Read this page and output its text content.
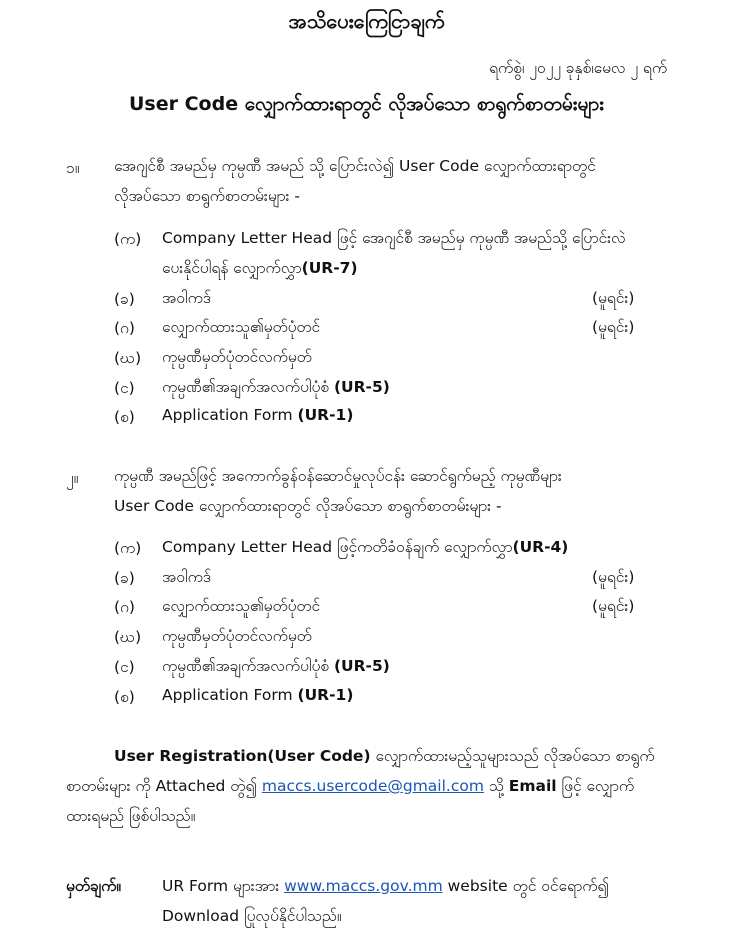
အသိပေးကြေငြာချက်
ရက်စွဲ၊ ၂၀၂၂ ခုနှစ်၊မေလ ၂ ရက်
User Code လျှောက်ထားရာတွင် လိုအပ်သော စာရွက်စာတမ်းများ
၁။ အေဂျင်စီ အမည်မှ ကုမ္ပဏီ အမည် သို့ ပြောင်းလဲ၍ User Code လျှောက်ထားရာတွင်
လိုအပ်သော စာရွက်စာတမ်းများ -
(က) Company Letter Head ဖြင့် အေဂျင်စီ အမည်မှ ကုမ္ပဏီ အမည်သို့ ပြောင်းလဲ
ပေးနိုင်ပါရန် လျှောက်လွှာ(UR-7)
(ခ) အဝါကဒ်	(မူရင်း)
(ဂ) လျှောက်ထားသူ၏မှတ်ပုံတင်	(မူရင်း)
(ဃ) ကုမ္ပဏီမှတ်ပုံတင်လက်မှတ်
(င) ကုမ္ပဏီ၏အချက်အလက်ပါပုံစံ (UR-5)
(စ) Application Form (UR-1)
၂။ ကုမ္ပဏီ အမည်ဖြင့် အကောက်ခွန်ဝန်ဆောင်မှုလုပ်ငန်း ဆောင်ရွက်မည့် ကုမ္ပဏီများ
User Code လျှောက်ထားရာတွင် လိုအပ်သော စာရွက်စာတမ်းများ -
(က) Company Letter Head ဖြင့်ကတိခံဝန်ချက် လျှောက်လွှာ(UR-4)
(ခ) အဝါကဒ်	(မူရင်း)
(ဂ) လျှောက်ထားသူ၏မှတ်ပုံတင်	(မူရင်း)
(ဃ) ကုမ္ပဏီမှတ်ပုံတင်လက်မှတ်
(င) ကုမ္ပဏီ၏အချက်အလက်ပါပုံစံ (UR-5)
(စ) Application Form (UR-1)
User Registration(User Code) လျှောက်ထားမည့်သူများသည် လိုအပ်သော စာရွက်
စာတမ်းများ ကို Attached တွဲ၍ maccs.usercode@gmail.com သို့ Email ဖြင့် လျှောက်
ထားရမည် ဖြစ်ပါသည်။
မှတ်ချက်။	UR Form များအား www.maccs.gov.mm website တွင် ဝင်ရောက်၍
Download ပြုလုပ်နိုင်ပါသည်။
